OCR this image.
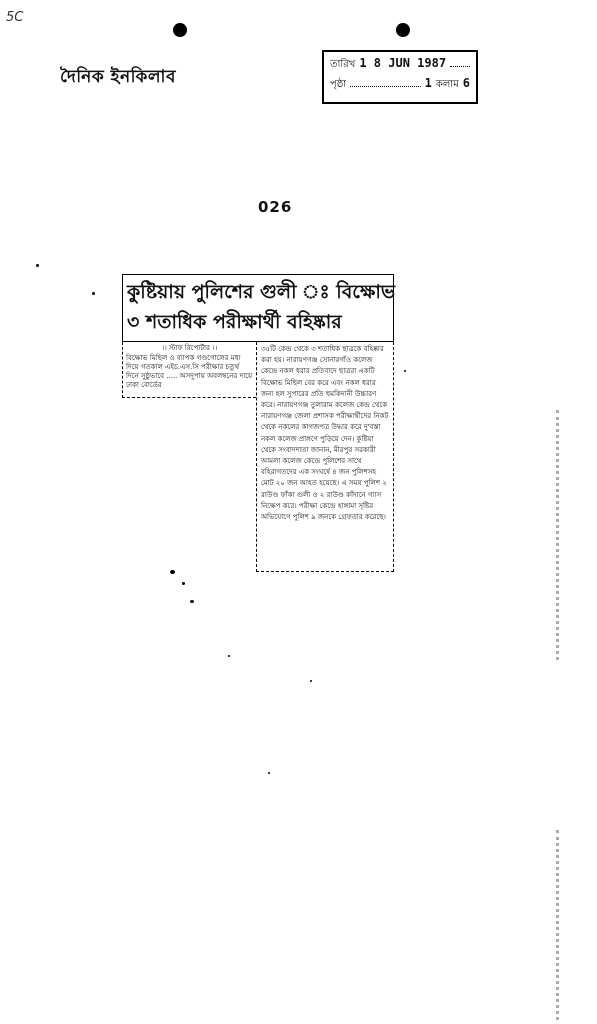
5C
দৈনিক ইনকিলাব
তারিখ 1 8 JUN 1987
পৃষ্ঠা	1 কলাম 6
026
কুষ্টিয়ায় পুলিশের গুলী ঃ বিক্ষোভ
৩ শতাধিক পরীক্ষার্থী বহিষ্কার
।। স্টাফ রিপোর্টার ।।
বিক্ষোভ মিছিল ও ব্যাপক গণ্ডগোলের মধ্য দিয়ে গতকাল এইচ.এস.সি পরীক্ষার চতুর্থ দিনে সুষ্ঠুভাবে ..... অসদুপায় অবলম্বনের দায়ে ঢাকা বোর্ডের
৩৫টি কেন্দ্র থেকে ৩ শতাধিক ছাত্রকে বহিষ্কার করা হয়। নারায়ণগঞ্জ সোনারগাঁও কলেজ কেন্দ্রে নকল ধরার প্রতিবাদে ছাত্ররা একটি বিক্ষোভ মিছিল বের করে এবং নকল ধরার জন্য হল সুপারের প্রতি হুমকিদানী উচ্চারণ করে। নারায়ণগঞ্জ তুলারাম কলেজ কেন্দ্র থেকে নারায়ণগঞ্জ জেলা প্রশাসক পরীক্ষার্থীদের নিকট থেকে নকলের কাগজপত্র উদ্ধার করে দু'বস্তা নকল কলেজ প্রাঙ্গণে পুড়িয়ে দেন। কুষ্টিয়া থেকে সংবাদদাতা জানান, মীরপুর সরকারী আমলা কলেজ কেন্দ্রে পুলিশের সাথে বহিরাগতদের এক সংঘর্ষে ৪ জন পুলিশসহ মোট ২০ জন আহত হয়েছে। এ সময় পুলিশ ২ রাউণ্ড ফাঁকা গুলী ও ২ রাউণ্ড কাঁদানে গ্যাস নিক্ষেপ করে। পরীক্ষা কেন্দ্রে হাঙ্গামা সৃষ্টির অভিযোগে পুলিশ ৯ জনকে গ্রেফতার করেছে।
